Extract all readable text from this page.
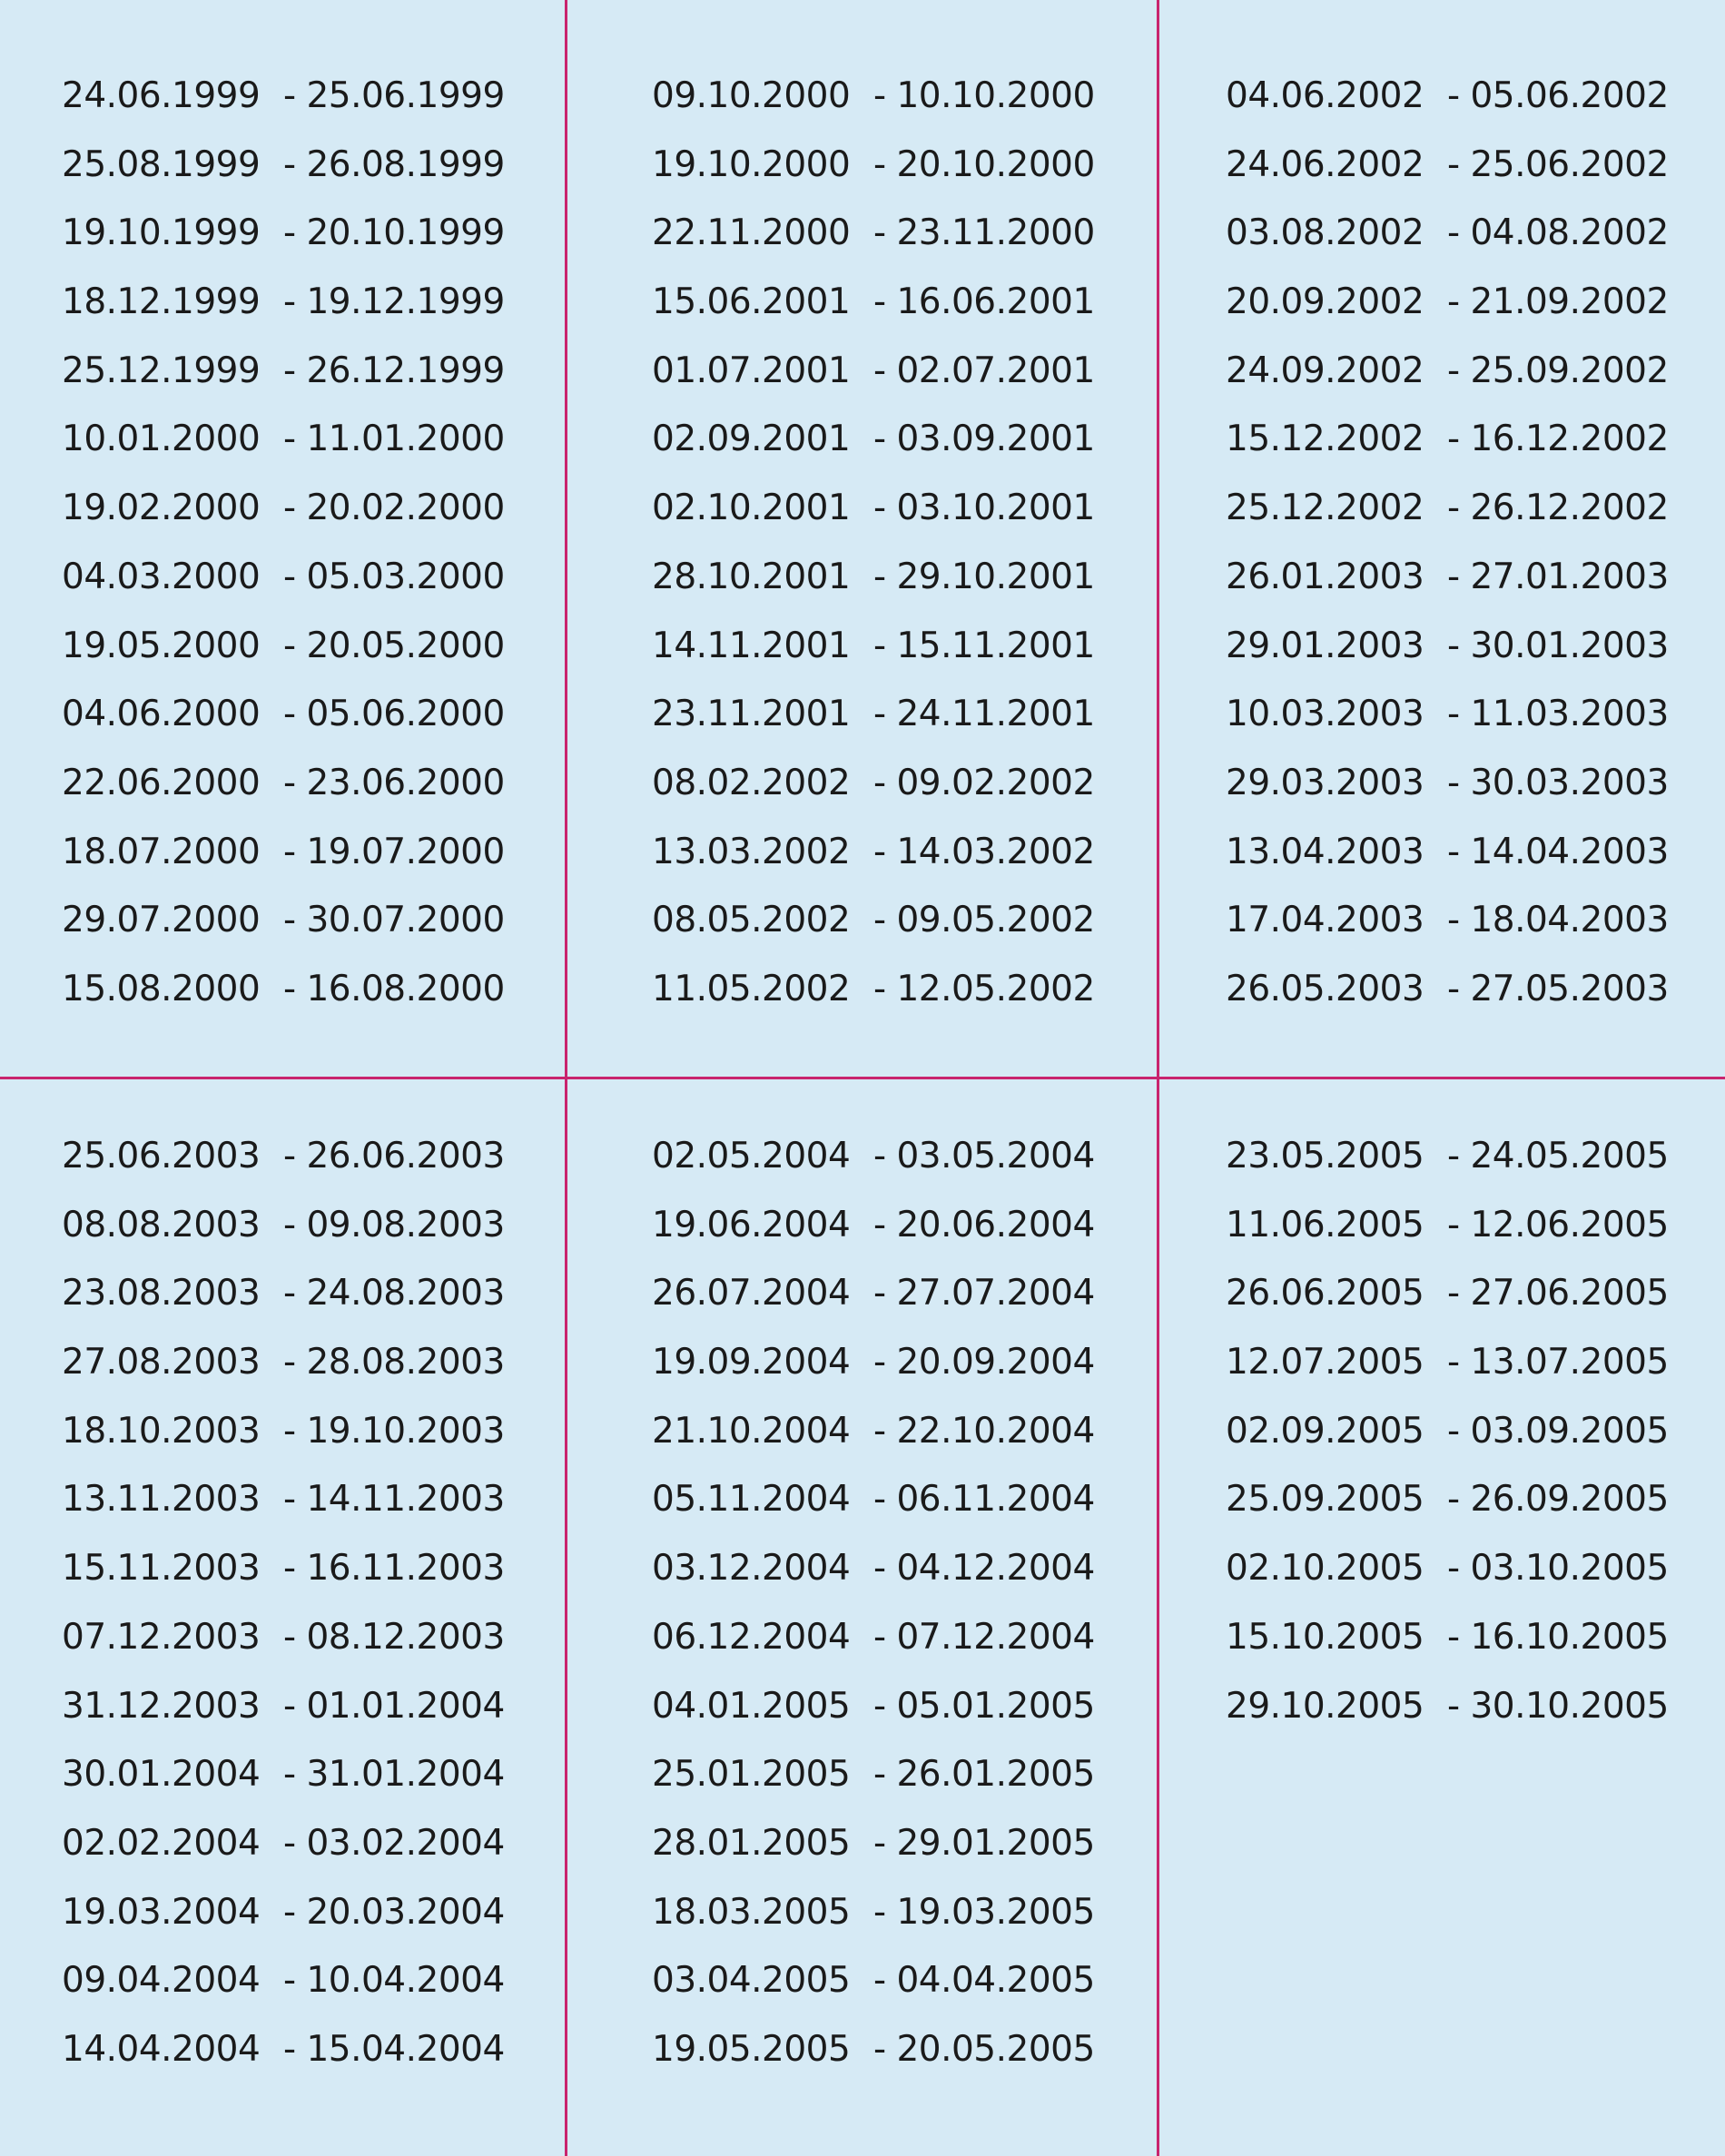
24.06.1999 - 25.06.1999
25.08.1999 - 26.08.1999
19.10.1999 - 20.10.1999
18.12.1999 - 19.12.1999
25.12.1999 - 26.12.1999
10.01.2000 - 11.01.2000
19.02.2000 - 20.02.2000
04.03.2000 - 05.03.2000
19.05.2000 - 20.05.2000
04.06.2000 - 05.06.2000
22.06.2000 - 23.06.2000
18.07.2000 - 19.07.2000
29.07.2000 - 30.07.2000
15.08.2000 - 16.08.2000
09.10.2000 - 10.10.2000
19.10.2000 - 20.10.2000
22.11.2000 - 23.11.2000
15.06.2001 - 16.06.2001
01.07.2001 - 02.07.2001
02.09.2001 - 03.09.2001
02.10.2001 - 03.10.2001
28.10.2001 - 29.10.2001
14.11.2001 - 15.11.2001
23.11.2001 - 24.11.2001
08.02.2002 - 09.02.2002
13.03.2002 - 14.03.2002
08.05.2002 - 09.05.2002
11.05.2002 - 12.05.2002
04.06.2002 - 05.06.2002
24.06.2002 - 25.06.2002
03.08.2002 - 04.08.2002
20.09.2002 - 21.09.2002
24.09.2002 - 25.09.2002
15.12.2002 - 16.12.2002
25.12.2002 - 26.12.2002
26.01.2003 - 27.01.2003
29.01.2003 - 30.01.2003
10.03.2003 - 11.03.2003
29.03.2003 - 30.03.2003
13.04.2003 - 14.04.2003
17.04.2003 - 18.04.2003
26.05.2003 - 27.05.2003
25.06.2003 - 26.06.2003
08.08.2003 - 09.08.2003
23.08.2003 - 24.08.2003
27.08.2003 - 28.08.2003
18.10.2003 - 19.10.2003
13.11.2003 - 14.11.2003
15.11.2003 - 16.11.2003
07.12.2003 - 08.12.2003
31.12.2003 - 01.01.2004
30.01.2004 - 31.01.2004
02.02.2004 - 03.02.2004
19.03.2004 - 20.03.2004
09.04.2004 - 10.04.2004
14.04.2004 - 15.04.2004
02.05.2004 - 03.05.2004
19.06.2004 - 20.06.2004
26.07.2004 - 27.07.2004
19.09.2004 - 20.09.2004
21.10.2004 - 22.10.2004
05.11.2004 - 06.11.2004
03.12.2004 - 04.12.2004
06.12.2004 - 07.12.2004
04.01.2005 - 05.01.2005
25.01.2005 - 26.01.2005
28.01.2005 - 29.01.2005
18.03.2005 - 19.03.2005
03.04.2005 - 04.04.2005
19.05.2005 - 20.05.2005
23.05.2005 - 24.05.2005
11.06.2005 - 12.06.2005
26.06.2005 - 27.06.2005
12.07.2005 - 13.07.2005
02.09.2005 - 03.09.2005
25.09.2005 - 26.09.2005
02.10.2005 - 03.10.2005
15.10.2005 - 16.10.2005
29.10.2005 - 30.10.2005
